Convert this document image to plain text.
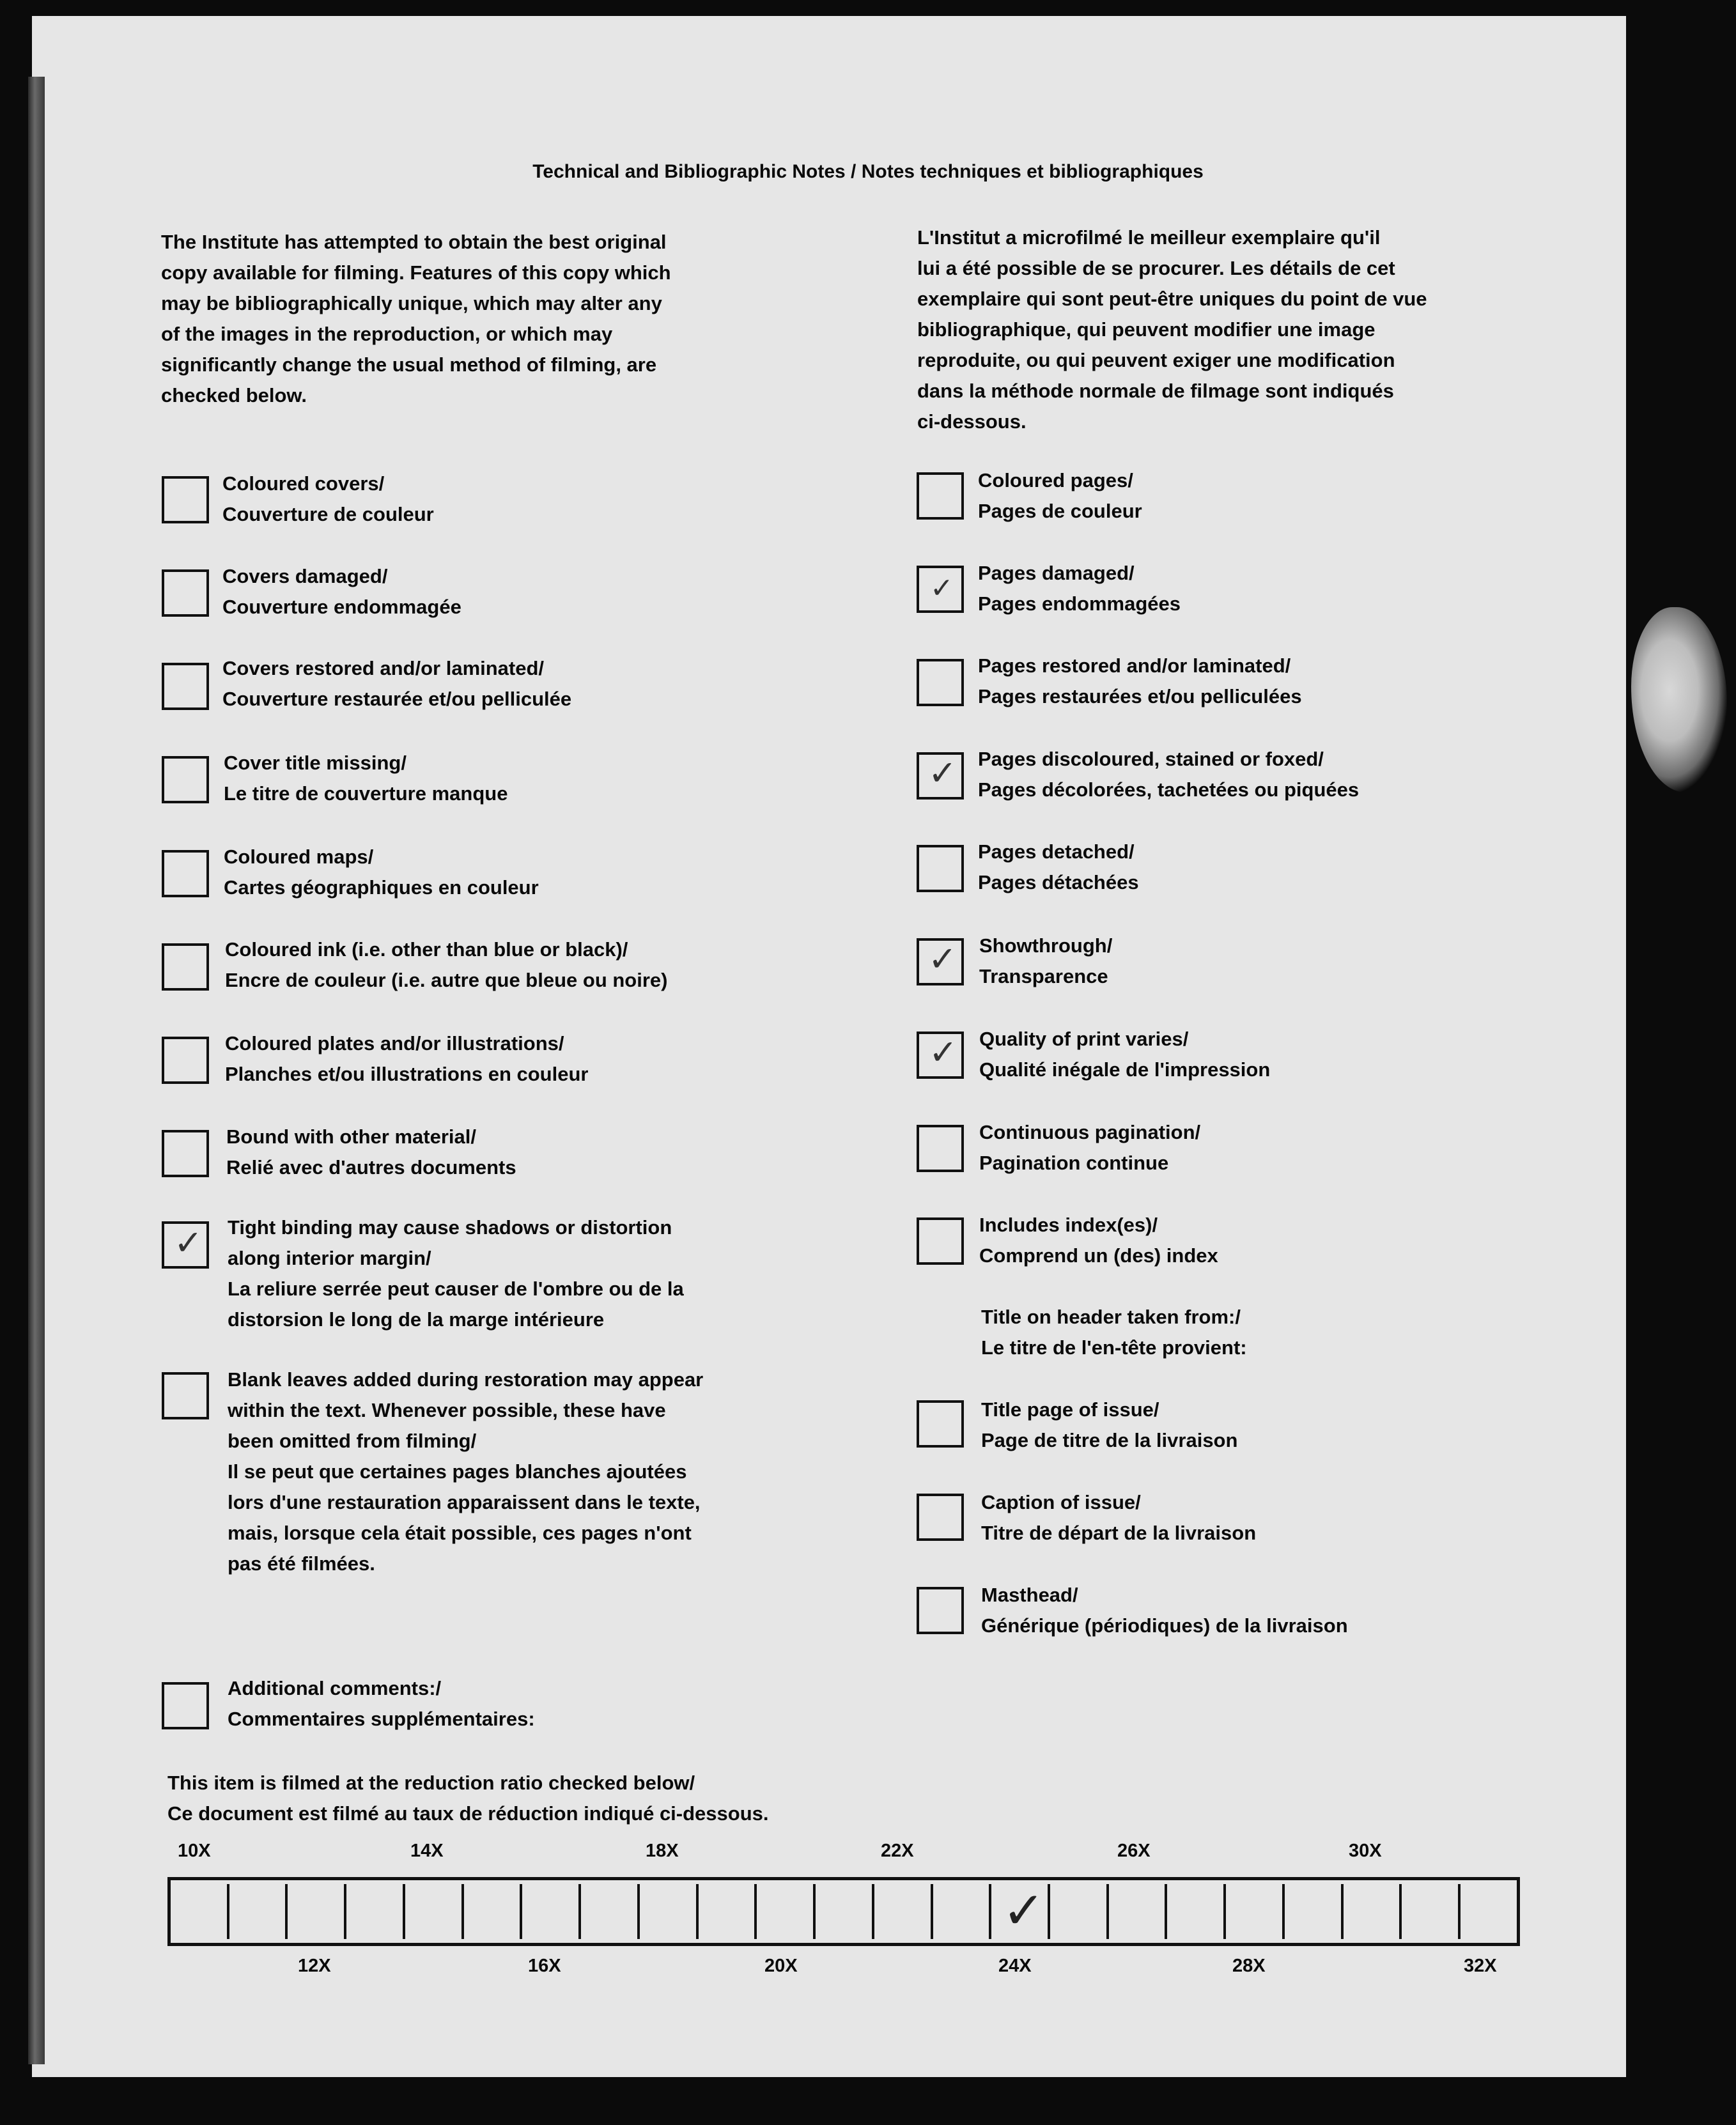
Technical and Bibliographic Notes / Notes techniques et bibliographiques
The Institute has attempted to obtain the best original
copy available for filming. Features of this copy which
may be bibliographically unique, which may alter any
of the images in the reproduction, or which may
significantly change the usual method of filming, are
checked below.
L'Institut a microfilmé le meilleur exemplaire qu'il
lui a été possible de se procurer. Les détails de cet
exemplaire qui sont peut-être uniques du point de vue
bibliographique, qui peuvent modifier une image
reproduite, ou qui peuvent exiger une modification
dans la méthode normale de filmage sont indiqués
ci-dessous.
Coloured covers/
Couverture de couleur
Covers damaged/
Couverture endommagée
Covers restored and/or laminated/
Couverture restaurée et/ou pelliculée
Cover title missing/
Le titre de couverture manque
Coloured maps/
Cartes géographiques en couleur
Coloured ink (i.e. other than blue or black)/
Encre de couleur (i.e. autre que bleue ou noire)
Coloured plates and/or illustrations/
Planches et/ou illustrations en couleur
Bound with other material/
Relié avec d'autres documents
✓ Tight binding may cause shadows or distortion
along interior margin/
La reliure serrée peut causer de l'ombre ou de la
distorsion le long de la marge intérieure
Blank leaves added during restoration may appear
within the text. Whenever possible, these have
been omitted from filming/
Il se peut que certaines pages blanches ajoutées
lors d'une restauration apparaissent dans le texte,
mais, lorsque cela était possible, ces pages n'ont
pas été filmées.
Coloured pages/
Pages de couleur
✓ Pages damaged/
Pages endommagées
Pages restored and/or laminated/
Pages restaurées et/ou pelliculées
✓ Pages discoloured, stained or foxed/
Pages décolorées, tachetées ou piquées
Pages detached/
Pages détachées
✓ Showthrough/
Transparence
✓ Quality of print varies/
Qualité inégale de l'impression
Continuous pagination/
Pagination continue
Includes index(es)/
Comprend un (des) index
Title on header taken from:/
Le titre de l'en-tête provient:
Title page of issue/
Page de titre de la livraison
Caption of issue/
Titre de départ de la livraison
Masthead/
Générique (périodiques) de la livraison
Additional comments:/
Commentaires supplémentaires:
This item is filmed at the reduction ratio checked below/
Ce document est filmé au taux de réduction indiqué ci-dessous.
10X	14X	18X	22X	26X	30X
✓
12X	16X	20X	24X	28X	32X
